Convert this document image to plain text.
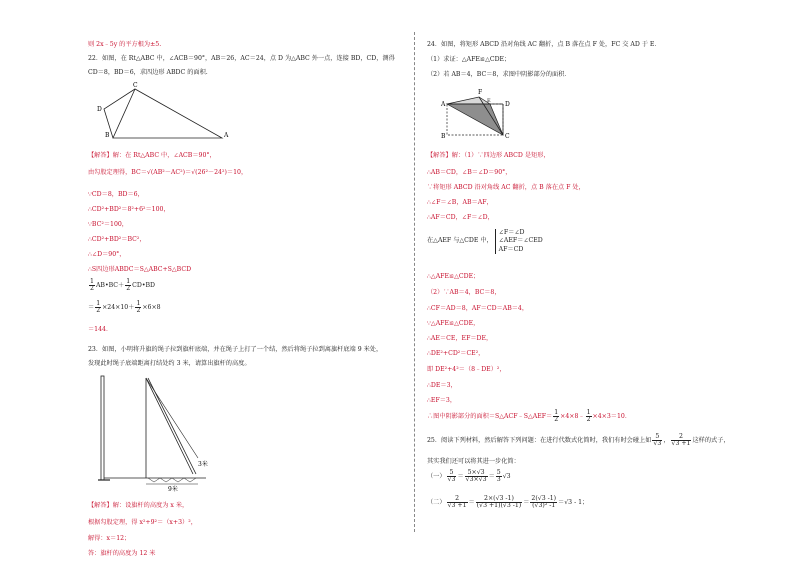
则 2x﹣5y 的平方根为±5.
22．如图，在 Rt△ABC 中，∠ACB＝90°，AB＝26，AC＝24，点 D 为△ABC 外一点，连接 BD，CD，测得
CD＝8，BD＝6，求四边形 ABDC 的面积.
C
D
B	A
【解答】解：在 Rt△ABC 中，∠ACB＝90°，
由勾股定理得，BC＝√(AB²－AC²)＝√(26²－24²)＝10，
∵CD＝8，BD＝6，
∴CD²+BD²＝8²+6²＝100，
∵BC²＝100，
∴CD²+BD²＝BC²，
∴∠D＝90°，
∴S四边形ABDC＝S△ABC+S△BCD
$\frac{1}{2}$ AB•BC＋ $\frac{1}{2}$ CD•BD
＝ $\frac{1}{2} \times 24\times 10+ \frac{1}{2} \times 6\times 8$
＝144．
23．如图，小明将升旗的绳子拉到旗杆底端，并在绳子上打了一个结，然后将绳子拉到离旗杆底端 9 米处，
发现此时绳子底端距离打结处约 3 米，请算出旗杆的高度。
3米
9米
【解答】解：设旗杆的高度为 x 米，
根据勾股定理，得 x²+9²＝（x+3）²，
解得：x＝12；
答：旗杆的高度为 12 米
24．如图，将矩形 ABCD 沿对角线 AC 翻折，点 B 落在点 F 处，FC 交 AD 于 E．
（1）求证：△AFE≌△CDE；
（2）若 AB＝4，BC＝8，求图中阴影部分的面积．
A
F
D
E
B	C
【解答】解：（1）∵四边形 ABCD 是矩形，
∴AB＝CD，∠B＝∠D＝90°，
∵将矩形 ABCD 沿对角线 AC 翻折，点 B 落在点 F 处，
∴∠F＝∠B，AB＝AF，
∴AF＝CD，∠F＝∠D，
在△AEF 与△CDE 中，
∠F＝∠D
∠AEF＝∠CED
AF＝CD
∴△AFE≌△CDE；
（2）∵AB＝4，BC＝8，
∴CF＝AD＝8，AF＝CD＝AB＝4，
∵△AFE≌△CDE，
∴AE＝CE，EF＝DE，
∴DE²+CD²＝CE²，
即 DE²+4²＝（8﹣DE）²，
∴DE＝3，
∴EF＝3，
∴图中阴影部分的面积＝S△ACF﹣S△AEF＝ $\frac{1}{2}$ ×4×8﹣ $\frac{1}{2} \times 4\times 3=10$．
25．阅读下列材料，然后解答下列问题：在进行代数式化简时，我们有时会碰上如 $\frac{5}{√3}$ ， $\frac{2}{√3 +1}$ 这样的式子，
其实我们还可以将其进一步化简：
（一） $\frac{5}{√3} = \frac{5\times√3}{√3\times√3} = \frac{5}{3} √3$
（二） $\frac{2}{√3 +1} = \frac{2\times(√3 -1)}{(√3 +1)(√3 -1)} = \frac{2(√3 -1)}{\text{(√3)² -1}} =√3 - 1$；
